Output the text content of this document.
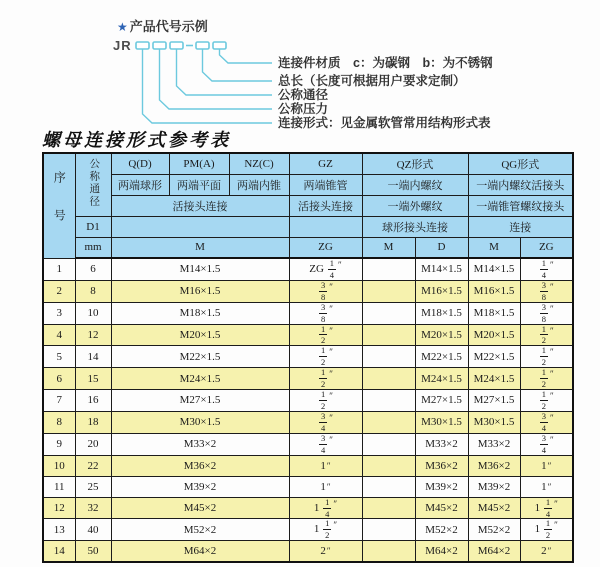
★ 产品代号示例
JR
连接件材质　c：为碳钢　b：为不锈钢
总长（长度可根据用户要求定制）
公称通径
公称压力
连接形式：见金属软管常用结构形式表
螺母连接形式参考表
序号	公称通径	Q(D)	PM(A)	NZ(C)	GZ	QZ形式		QG形式	
		两端球形	两端平面	两端内锥	两端锥管	一端内螺纹		一端内螺纹活接头	
		活接头连接			活接头连接	一端外螺纹		一端锥管螺纹接头	
	D1					球形接头连接		连接	
	mm	M			ZG	M	D	M	ZG
1	6	M14×1.5			ZG $\frac{1}{4} ''$		M14×1.5	M14×1.5	$\frac{1}{4} ''$
2	8	M16×1.5			$\frac{3}{8} ''$		M16×1.5	M16×1.5	$\frac{3}{8} ''$
3	10	M18×1.5			$\frac{3}{8} ''$		M18×1.5	M18×1.5	$\frac{3}{8} ''$
4	12	M20×1.5			$\frac{1}{2} ''$		M20×1.5	M20×1.5	$\frac{1}{2} ''$
5	14	M22×1.5			$\frac{1}{2} ''$		M22×1.5	M22×1.5	$\frac{1}{2} ''$
6	15	M24×1.5			$\frac{1}{2} ''$		M24×1.5	M24×1.5	$\frac{1}{2} ''$
7	16	M27×1.5			$\frac{1}{2} ''$		M27×1.5	M27×1.5	$\frac{1}{2} ''$
8	18	M30×1.5			$\frac{3}{4} ''$		M30×1.5	M30×1.5	$\frac{3}{4} ''$
9	20	M33×2			$\frac{3}{4} ''$		M33×2	M33×2	$\frac{3}{4} ''$
10	22	M36×2			1″		M36×2	M36×2	1″
11	25	M39×2			1″		M39×2	M39×2	1″
12	32	M45×2			$1 \frac{1}{4} ''$		M45×2	M45×2	$1 \frac{1}{4} ''$
13	40	M52×2			$1 \frac{1}{2} ''$		M52×2	M52×2	$1 \frac{1}{2} ''$
14	50	M64×2			2″		M64×2	M64×2	2″
